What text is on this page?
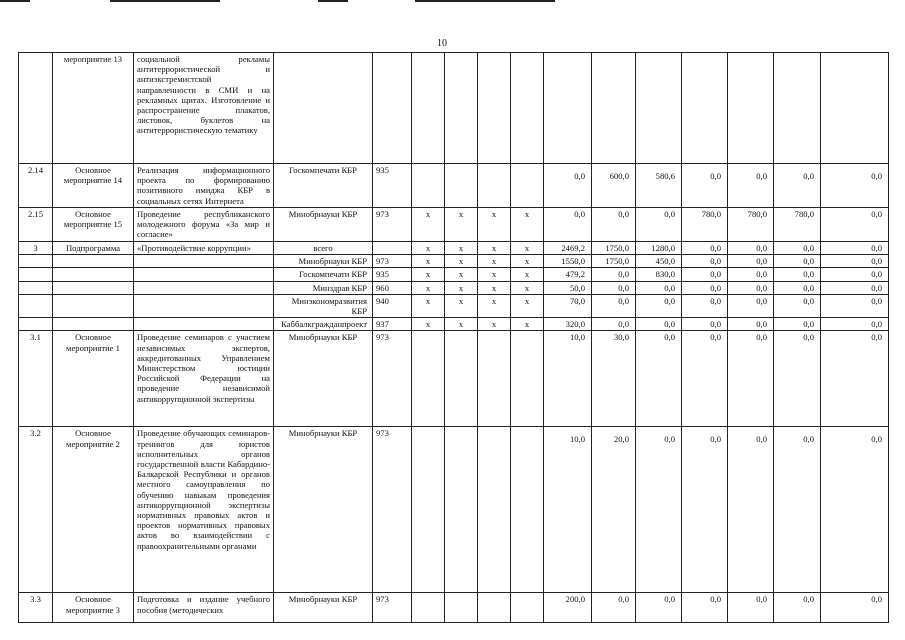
10
	мероприятие 13	социальной рекламы антитеррористической и антиэкстремистской направленности в СМИ и на рекламных щитах. Изготовление и распространение плакатов, листовок, буклетов на антитеррористическую тематику													
2.14	Основное мероприятие 14	Реализация информационного проекта по формированию позитивного имиджа КБР в социальных сетях Интернета	Госкомпечати КБР	935					0,0	600,0	580,6	0,0	0,0	0,0	0,0
2.15	Основное мероприятие 15	Проведение республиканского молодежного форума «За мир и согласие»	Минобрнауки КБР	973	х	х	х	х	0,0	0,0	0,0	780,0	780,0	780,0	0,0
3	Подпрограмма	«Противодействие коррупции»	всего		х	х	х	х	2469,2	1750,0	1280,0	0,0	0,0	0,0	0,0
			Минобрнауки КБР	973	х	х	х	х	1550,0	1750,0	450,0	0,0	0,0	0,0	0,0
			Госкомпечати КБР	935	х	х	х	х	479,2	0,0	830,0	0,0	0,0	0,0	0,0
			Минздрав КБР	960	х	х	х	х	50,0	0,0	0,0	0,0	0,0	0,0	0,0
			Минэкономразвития КБР	940	х	х	х	х	70,0	0,0	0,0	0,0	0,0	0,0	0,0
			Каббалкгражданпроект	937	х	х	х	х	320,0	0,0	0,0	0,0	0,0	0,0	0,0
3.1	Основное мероприятие 1	Проведение семинаров с участием независимых экспертов, аккредитованных Управлением Министерством юстиции Российской Федерации на проведение независимой антикоррупционной экспертизы	Минобрнауки КБР	973					10,0	30,0	0,0	0,0	0,0	0,0	0,0
3.2	Основное мероприятие 2	Проведение обучающих семинаров-тренингов для юристов исполнительных органов государственной власти Кабардино-Балкарской Республики и органов местного самоуправления по обучению навыкам проведения антикоррупционной экспертизы нормативных правовых актов и проектов нормативных правовых актов во взаимодействии с правоохранительными органами	Минобрнауки КБР	973					10,0	20,0	0,0	0,0	0,0	0,0	0,0
3.3	Основное мероприятие 3	Подготовка и издание учебного пособия (методических	Минобрнауки КБР	973					200,0	0,0	0,0	0,0	0,0	0,0	0,0
